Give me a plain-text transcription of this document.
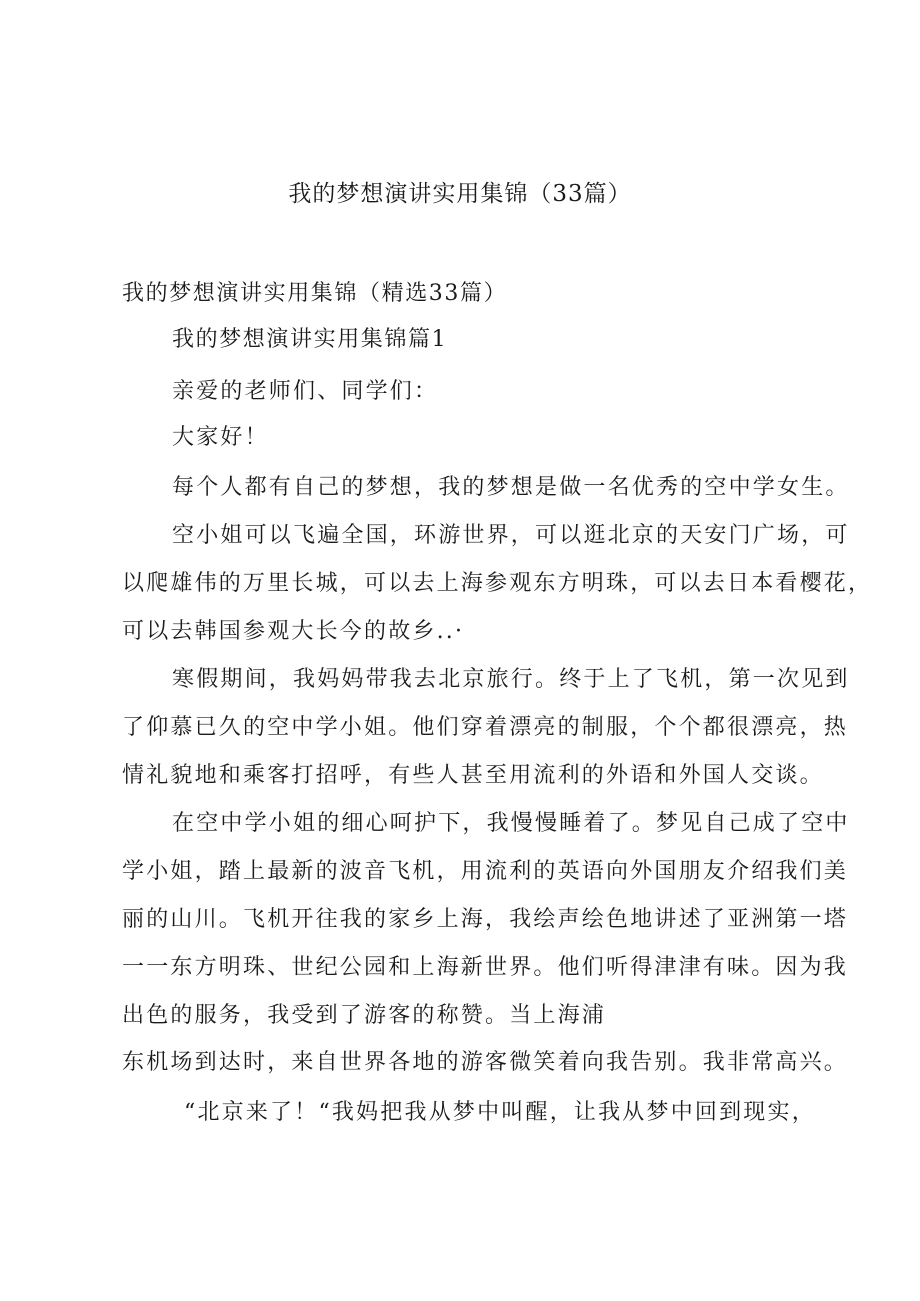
我的梦想演讲实用集锦（33篇）
我的梦想演讲实用集锦（精选33篇）
我的梦想演讲实用集锦篇1
亲爱的老师们、同学们：
大家好！
每个人都有自己的梦想，我的梦想是做一名优秀的空中学女生。
空小姐可以飞遍全国，环游世界，可以逛北京的天安门广场，可
以爬雄伟的万里长城，可以去上海参观东方明珠，可以去日本看樱花，
可以去韩国参观大长今的故乡..·
寒假期间，我妈妈带我去北京旅行。终于上了飞机，第一次见到
了仰慕已久的空中学小姐。他们穿着漂亮的制服，个个都很漂亮，热
情礼貌地和乘客打招呼，有些人甚至用流利的外语和外国人交谈。
在空中学小姐的细心呵护下，我慢慢睡着了。梦见自己成了空中
学小姐，踏上最新的波音飞机，用流利的英语向外国朋友介绍我们美
丽的山川。飞机开往我的家乡上海，我绘声绘色地讲述了亚洲第一塔
一一东方明珠、世纪公园和上海新世界。他们听得津津有味。因为我
出色的服务，我受到了游客的称赞。当上海浦
东机场到达时，来自世界各地的游客微笑着向我告别。我非常高兴。
“北京来了！“我妈把我从梦中叫醒，让我从梦中回到现实，
